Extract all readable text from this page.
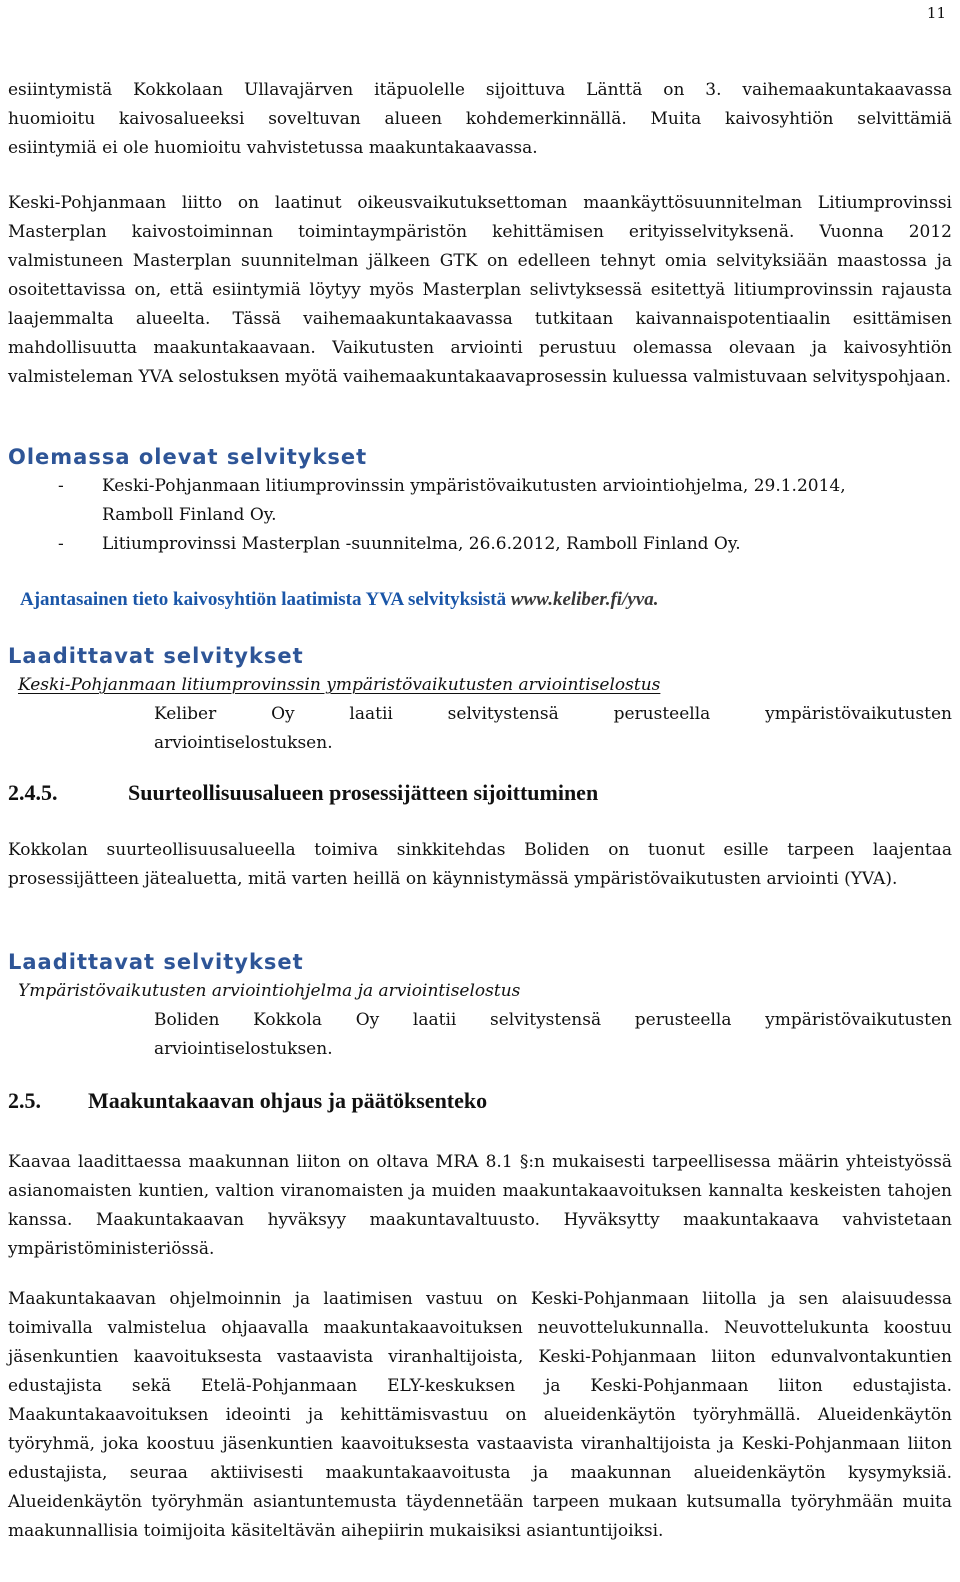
11

esiintymistä Kokkolaan Ullavajärven itäpuolelle sijoittuva Länttä on 3. vaihemaakuntakaavassa

huomioitu kaivosalueeksi soveltuvan alueen kohdemerkinnällä. Muita kaivosyhtiön selvittämiä

esiintymiä ei ole huomioitu vahvistetussa maakuntakaavassa.

Keski-Pohjanmaan liitto on laatinut oikeusvaikutuksettoman maankäyttösuunnitelman Litiumprovinssi Masterplan kaivostoiminnan toimintaympäristön kehittämisen erityisselvityksenä. Vuonna 2012 valmistuneen Masterplan suunnitelman jälkeen GTK on edelleen tehnyt omia selvityksiään maastossa ja osoitettavissa on, että esiintymiä löytyy myös Masterplan selivtyksessä esitettyä litiumprovinssin rajausta laajemmalta alueelta. Tässä vaihemaakuntakaavassa tutkitaan kaivannaispotentiaalin esittämisen mahdollisuutta maakuntakaavaan. Vaikutusten arviointi perustuu olemassa olevaan ja kaivosyhtiön valmisteleman YVA selostuksen myötä vaihemaakuntakaavaprosessin kuluessa valmistuvaan selvityspohjaan.

Olemassa olevat selvitykset
- Keski-Pohjanmaan litiumprovinssin ympäristövaikutusten arviointiohjelma, 29.1.2014,
Ramboll Finland Oy.
- Litiumprovinssi Masterplan -suunnitelma, 26.6.2012, Ramboll Finland Oy.
Ajantasainen tieto kaivosyhtiön laatimista YVA selvityksistä www.keliber.fi/yva.
Laadittavat selvitykset

Keski-Pohjanmaan litiumprovinssin ympäristövaikutusten arviointiselostus

Keliber Oy laatii selvitystensä perusteella ympäristövaikutusten

arviointiselostuksen.

2.4.5.	Suurteollisuusalueen prosessijätteen sijoittuminen

Kokkolan suurteollisuusalueella toimiva sinkkitehdas Boliden on tuonut esille tarpeen laajentaa prosessijätteen jätealuetta, mitä varten heillä on käynnistymässä ympäristövaikutusten arviointi (YVA).

Laadittavat selvitykset

Ympäristövaikutusten arviointiohjelma ja arviointiselostus

Boliden Kokkola Oy laatii selvitystensä perusteella ympäristövaikutusten

arviointiselostuksen.

2.5.	Maakuntakaavan ohjaus ja päätöksenteko

Kaavaa laadittaessa maakunnan liiton on oltava MRA 8.1 §:n mukaisesti tarpeellisessa määrin yhteistyössä asianomaisten kuntien, valtion viranomaisten ja muiden maakuntakaavoituksen kannalta keskeisten tahojen kanssa. Maakuntakaavan hyväksyy maakuntavaltuusto. Hyväksytty maakuntakaava vahvistetaan ympäristöministeriössä.

Maakuntakaavan ohjelmoinnin ja laatimisen vastuu on Keski-Pohjanmaan liitolla ja sen alaisuudessa toimivalla valmistelua ohjaavalla maakuntakaavoituksen neuvottelukunnalla. Neuvottelukunta koostuu jäsenkuntien kaavoituksesta vastaavista viranhaltijoista, Keski-Pohjanmaan liiton edunvalvontakuntien edustajista sekä Etelä-Pohjanmaan ELY-keskuksen ja Keski-Pohjanmaan liiton edustajista. Maakuntakaavoituksen ideointi ja kehittämisvastuu on alueidenkäytön työryhmällä. Alueidenkäytön työryhmä, joka koostuu jäsenkuntien kaavoituksesta vastaavista viranhaltijoista ja Keski-Pohjanmaan liiton edustajista, seuraa aktiivisesti maakuntakaavoitusta ja maakunnan alueidenkäytön kysymyksiä. Alueidenkäytön työryhmän asiantuntemusta täydennetään tarpeen mukaan kutsumalla työryhmään muita maakunnallisia toimijoita käsiteltävän aihepiirin mukaisiksi asiantuntijoiksi.
